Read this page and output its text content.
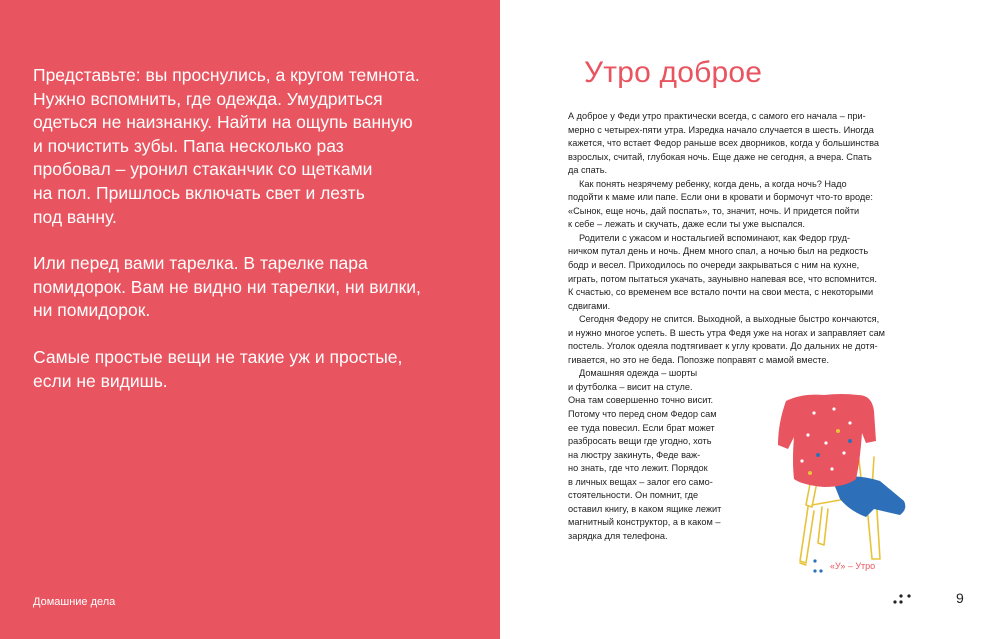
Представьте: вы проснулись, а кругом темнота.
Нужно вспомнить, где одежда. Умудриться
одеться не наизнанку. Найти на ощупь ванную
и почистить зубы. Папа несколько раз
пробовал – уронил стаканчик со щетками
на пол. Пришлось включать свет и лезть
под ванну.

Или перед вами тарелка. В тарелке пара
помидорок. Вам не видно ни тарелки, ни вилки,
ни помидорок.

Самые простые вещи не такие уж и простые,
если не видишь.

Домашние дела
Утро доброе
А доброе у Феди утро практически всегда, с самого его начала – при-
мерно с четырех-пяти утра. Изредка начало случается в шесть. Иногда
кажется, что встает Федор раньше всех дворников, когда у большинства
взрослых, считай, глубокая ночь. Еще даже не сегодня, а вчера. Спать
да спать.
Как понять незрячему ребенку, когда день, а когда ночь? Надо
подойти к маме или папе. Если они в кровати и бормочут что-то вроде:
«Сынок, еще ночь, дай поспать», то, значит, ночь. И придется пойти
к себе – лежать и скучать, даже если ты уже выспался.
Родители с ужасом и ностальгией вспоминают, как Федор груд-
ничком путал день и ночь. Днем много спал, а ночью был на редкость
бодр и весел. Приходилось по очереди закрываться с ним на кухне,
играть, потом пытаться укачать, заунывно напевая все, что вспомнится.
К счастью, со временем все встало почти на свои места, с некоторыми
сдвигами.
Сегодня Федору не спится. Выходной, а выходные быстро кончаются,
и нужно многое успеть. В шесть утра Федя уже на ногах и заправляет сам
постель. Уголок одеяла подтягивает к углу кровати. До дальних не дотя-
гивается, но это не беда. Попозже поправят с мамой вместе.
Домашняя одежда – шорты
и футболка – висит на стуле.
Она там совершенно точно висит.
Потому что перед сном Федор сам
ее туда повесил. Если брат может
разбросать вещи где угодно, хоть
на люстру закинуть, Феде важ-
но знать, где что лежит. Порядок
в личных вещах – залог его само-
стоятельности. Он помнит, где
оставил книгу, в каком ящике лежит
магнитный конструктор, а в каком –
зарядка для телефона.
«У» – Утро
9
